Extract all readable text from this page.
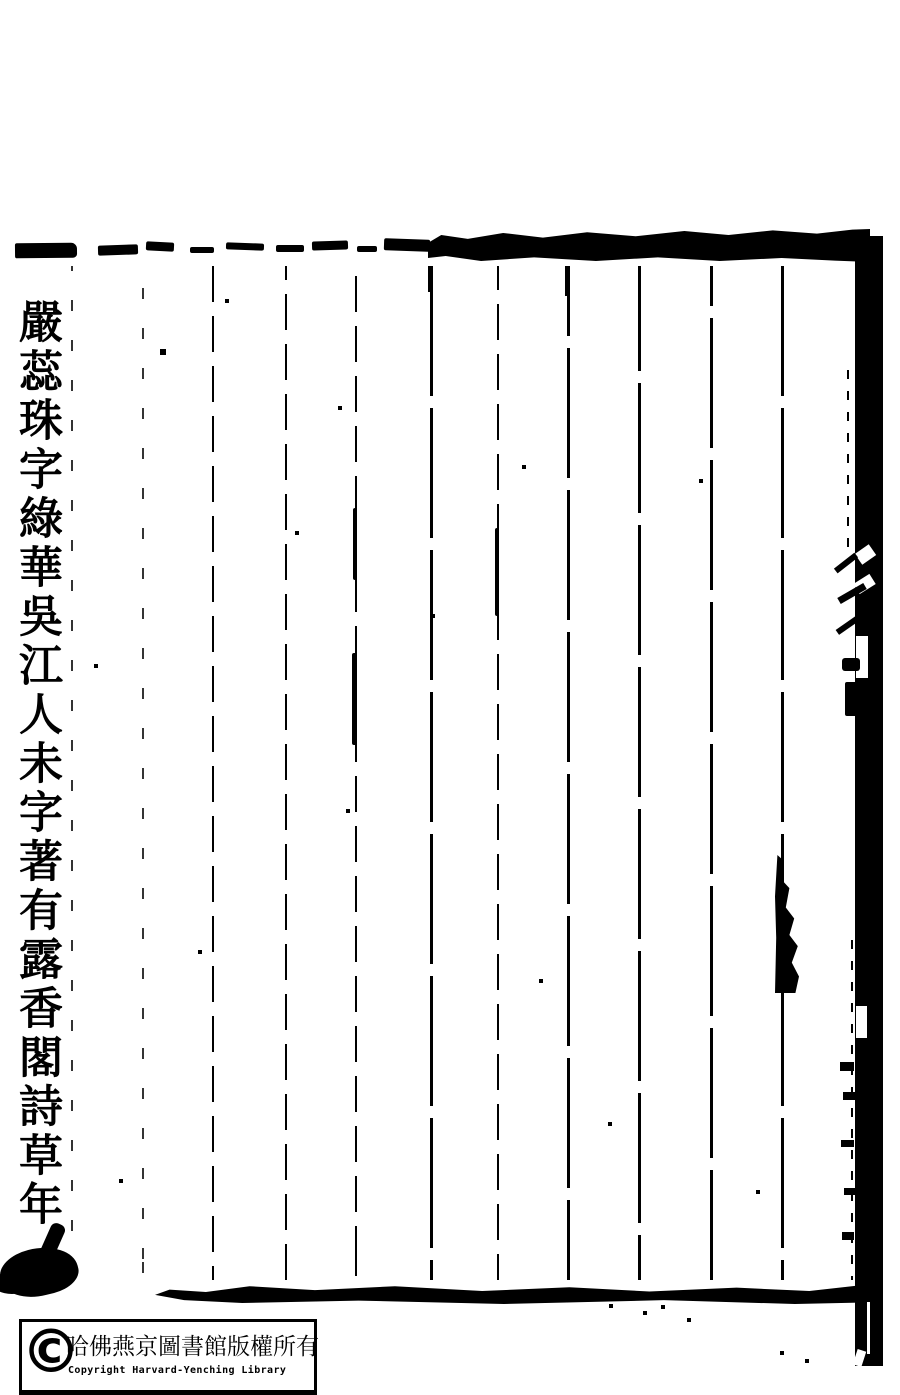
嚴蕊珠字綠華吳江人未字著有露香閣詩草年
©
哈佛燕京圖書館版權所有
Copyright Harvard-Yenching Library
